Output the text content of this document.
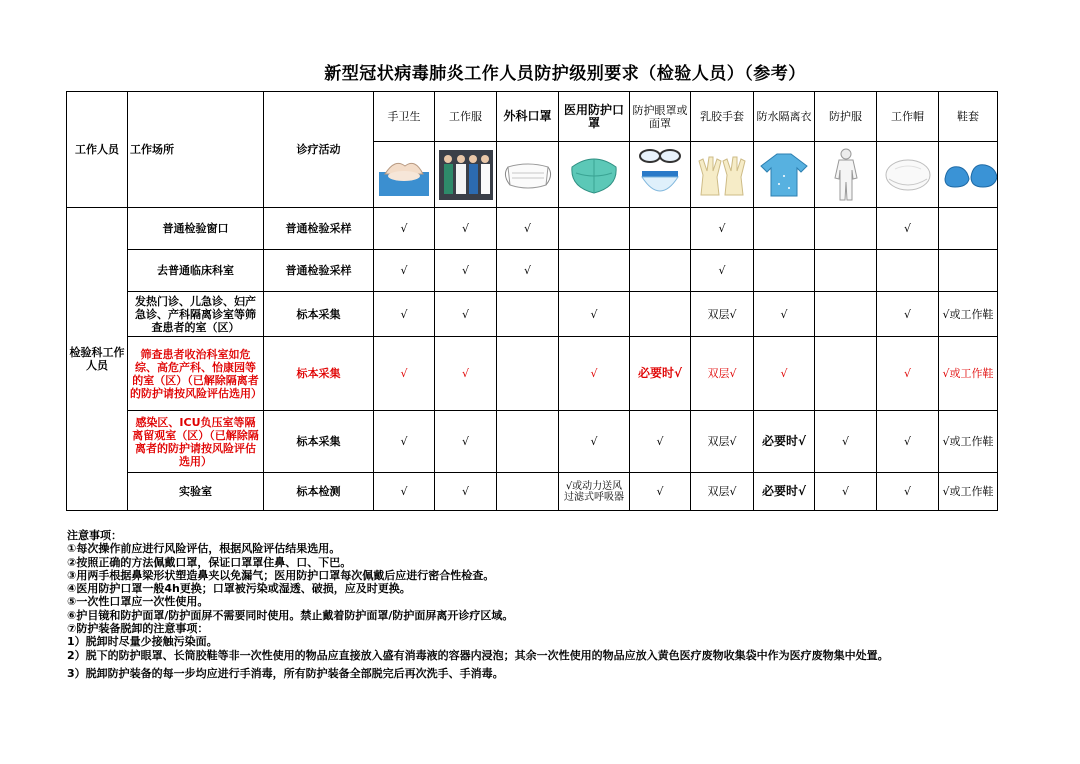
新型冠状病毒肺炎工作人员防护级别要求（检验人员）（参考）
工作人员	工作场所	诊疗活动	手卫生	工作服	外科口罩	医用防护口罩	防护眼罩或面罩	乳胶手套	防水隔离衣	防护服	工作帽	鞋套

检验科工作人员	普通检验窗口	普通检验采样	√	√	√			√			√	
	去普通临床科室	普通检验采样	√	√	√			√				
	发热门诊、儿急诊、妇产急诊、产科隔离诊室等筛查患者的室（区）	标本采集	√	√		√		双层√	√		√	√或工作鞋
	筛查患者收治科室如危综、高危产科、怡康园等的室（区）（已解除隔离者的防护请按风险评估选用）	标本采集	√	√		√	必要时√	双层√	√		√	√或工作鞋
	感染区、ICU负压室等隔离留观室（区）（已解除隔离者的防护请按风险评估选用）	标本采集	√	√		√	√	双层√	必要时√	√	√	√或工作鞋
	实验室	标本检测	√	√		√或动力送风过滤式呼吸器	√	双层√	必要时√	√	√	√或工作鞋
注意事项：
①每次操作前应进行风险评估，根据风险评估结果选用。
②按照正确的方法佩戴口罩，保证口罩罩住鼻、口、下巴。
③用两手根据鼻梁形状塑造鼻夹以免漏气；医用防护口罩每次佩戴后应进行密合性检查。
④医用防护口罩一般4h更换；口罩被污染或湿透、破损，应及时更换。
⑤一次性口罩应一次性使用。
⑥护目镜和防护面罩/防护面屏不需要同时使用。禁止戴着防护面罩/防护面屏离开诊疗区域。
⑦防护装备脱卸的注意事项：
1）脱卸时尽量少接触污染面。
2）脱下的防护眼罩、长筒胶鞋等非一次性使用的物品应直接放入盛有消毒液的容器内浸泡；其余一次性使用的物品应放入黄色医疗废物收集袋中作为医疗废物集中处置。
3）脱卸防护装备的每一步均应进行手消毒，所有防护装备全部脱完后再次洗手、手消毒。
